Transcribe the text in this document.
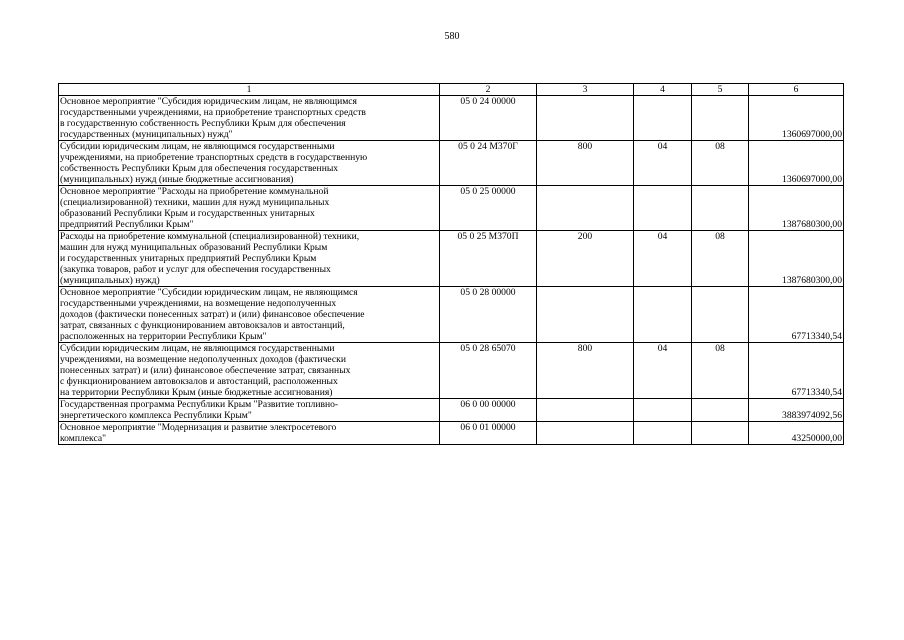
580
1	2	3	4	5	6
Основное мероприятие "Субсидия юридическим лицам, не являющимся
государственными учреждениями, на приобретение транспортных средств
в государственную собственность Республики Крым для обеспечения
государственных (муниципальных) нужд"	05 0 24 00000				1360697000,00
Субсидии юридическим лицам, не являющимся государственными
учреждениями, на приобретение транспортных средств в государственную
собственность Республики Крым для обеспечения государственных
(муниципальных) нужд (иные бюджетные ассигнования)	05 0 24 М370Г	800	04	08	1360697000,00
Основное мероприятие "Расходы на приобретение коммунальной
(специализированной) техники, машин для нужд муниципальных
образований Республики Крым и государственных унитарных
предприятий Республики Крым"	05 0 25 00000				1387680300,00
Расходы на приобретение коммунальной (специализированной) техники,
машин для нужд муниципальных образований Республики Крым
и государственных унитарных предприятий Республики Крым
(закупка товаров, работ и услуг для обеспечения государственных
(муниципальных) нужд)	05 0 25 М370П	200	04	08	1387680300,00
Основное мероприятие "Субсидии юридическим лицам, не являющимся
государственными учреждениями, на возмещение недополученных
доходов (фактически понесенных затрат) и (или) финансовое обеспечение
затрат, связанных с функционированием автовокзалов и автостанций,
расположенных на территории Республики Крым"	05 0 28 00000				67713340,54
Субсидии юридическим лицам, не являющимся государственными
учреждениями, на возмещение недополученных доходов (фактически
понесенных затрат) и (или) финансовое обеспечение затрат, связанных
с функционированием автовокзалов и автостанций, расположенных
на территории Республики Крым (иные бюджетные ассигнования)	05 0 28 65070	800	04	08	67713340,54
Государственная программа Республики Крым "Развитие топливно-
энергетического комплекса Республики Крым"	06 0 00 00000				3883974092,56
Основное мероприятие "Модернизация и развитие электросетевого
комплекса"	06 0 01 00000				43250000,00
